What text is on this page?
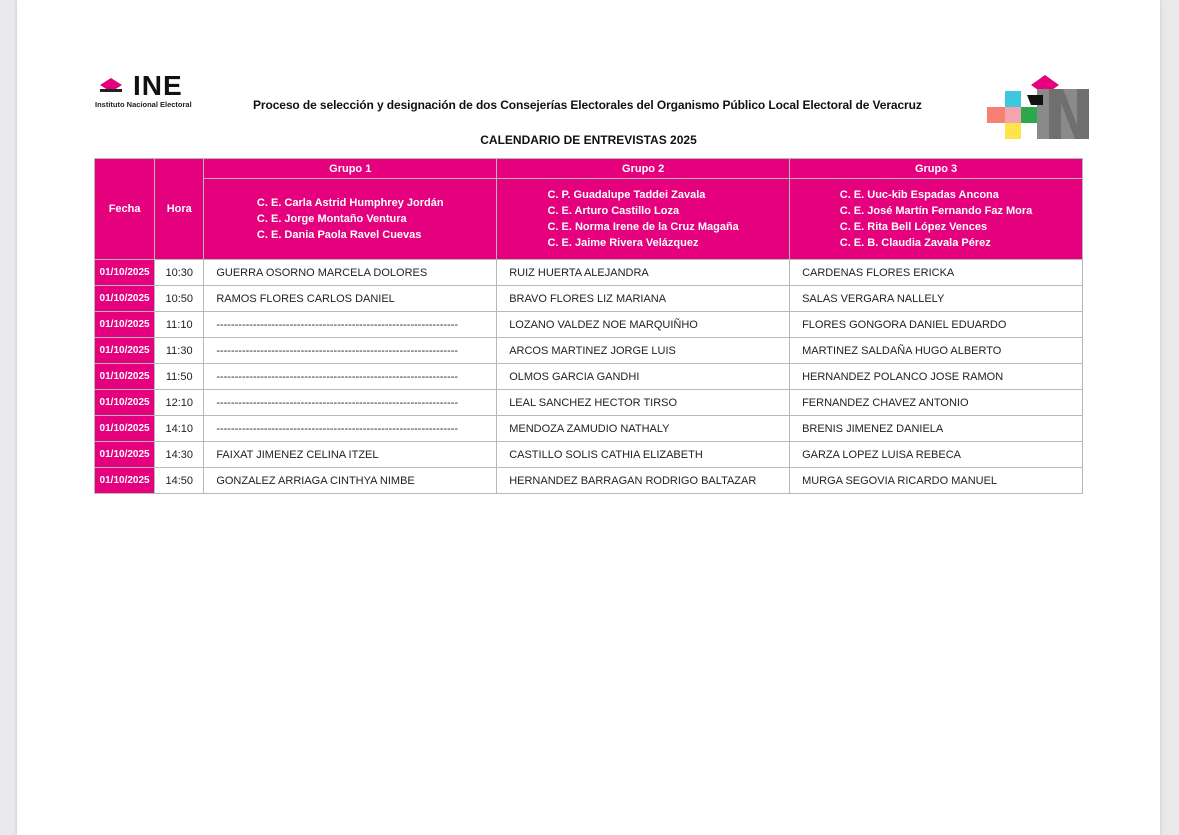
INE
Instituto Nacional Electoral	Proceso de selección y designación de dos Consejerías Electorales del Organismo Público Local Electoral de Veracruz
CALENDARIO DE ENTREVISTAS 2025
Fecha	Hora	Grupo 1	Grupo 2	Grupo 3
		C. E. Carla Astrid Humphrey Jordán
C. E. Jorge Montaño Ventura
C. E. Dania Paola Ravel Cuevas	C. P. Guadalupe Taddei Zavala
C. E. Arturo Castillo Loza
C. E. Norma Irene de la Cruz Magaña
C. E. Jaime Rivera Velázquez	C. E. Uuc-kib Espadas Ancona
C. E. José Martín Fernando Faz Mora
C. E. Rita Bell López Vences
C. E. B. Claudia Zavala Pérez
01/10/2025	10:30	GUERRA OSORNO MARCELA DOLORES	RUIZ HUERTA ALEJANDRA	CARDENAS FLORES ERICKA
01/10/2025	10:50	RAMOS FLORES CARLOS DANIEL	BRAVO FLORES LIZ MARIANA	SALAS VERGARA NALLELY
01/10/2025	11:10	------------------------------------------------------------------	LOZANO VALDEZ NOE MARQUIÑHO	FLORES GONGORA DANIEL EDUARDO
01/10/2025	11:30	------------------------------------------------------------------	ARCOS MARTINEZ JORGE LUIS	MARTINEZ SALDAÑA HUGO ALBERTO
01/10/2025	11:50	------------------------------------------------------------------	OLMOS GARCIA GANDHI	HERNANDEZ POLANCO JOSE RAMON
01/10/2025	12:10	------------------------------------------------------------------	LEAL SANCHEZ HECTOR TIRSO	FERNANDEZ CHAVEZ ANTONIO
01/10/2025	14:10	------------------------------------------------------------------	MENDOZA ZAMUDIO NATHALY	BRENIS JIMENEZ DANIELA
01/10/2025	14:30	FAIXAT JIMENEZ CELINA ITZEL	CASTILLO SOLIS CATHIA ELIZABETH	GARZA LOPEZ LUISA REBECA
01/10/2025	14:50	GONZALEZ ARRIAGA CINTHYA NIMBE	HERNANDEZ BARRAGAN RODRIGO BALTAZAR	MURGA SEGOVIA RICARDO MANUEL
